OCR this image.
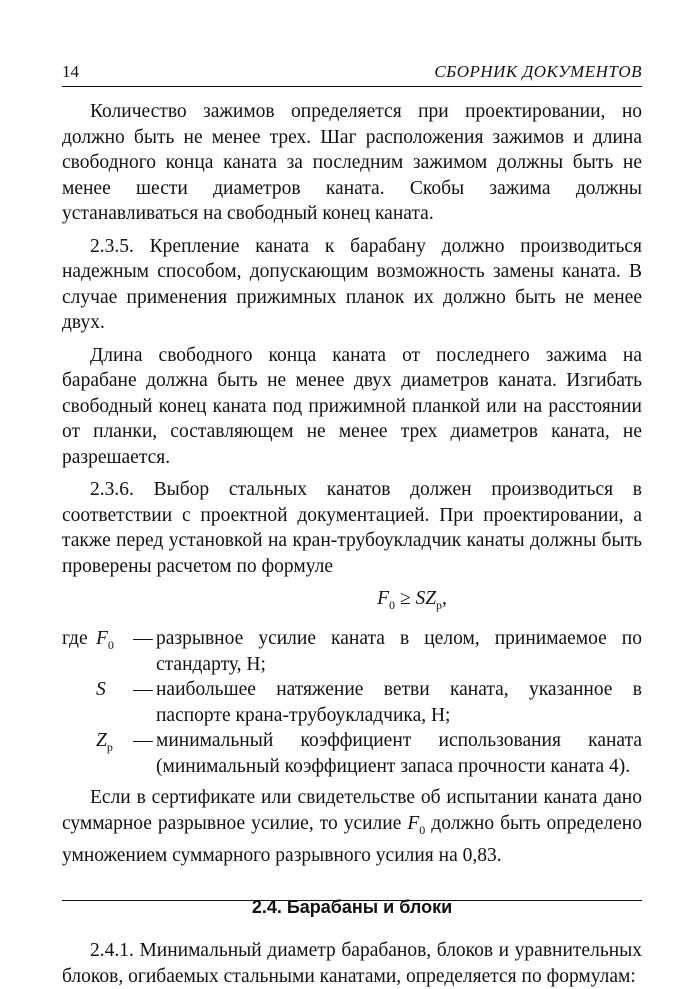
14	СБОРНИК ДОКУМЕНТОВ

Количество зажимов определяется при проектировании, но должно быть не менее трех. Шаг расположения зажимов и длина свободного конца каната за последним зажимом должны быть не менее шести диаметров каната. Скобы зажима должны устанавливаться на свободный конец каната.

2.3.5. Крепление каната к барабану должно производиться надежным способом, допускающим возможность замены каната. В случае применения прижимных планок их должно быть не менее двух.

Длина свободного конца каната от последнего зажима на барабане должна быть не менее двух диаметров каната. Изгибать свободный конец каната под прижимной планкой или на расстоянии от планки, составляющем не менее трех диаметров каната, не разрешается.

2.3.6. Выбор стальных канатов должен производиться в соответствии с проектной документацией. При проектировании, а также перед установкой на кран-трубоукладчик канаты должны быть проверены расчетом по формуле

$F_0 \ge SZ_p$,
где $F_0$ — разрывное усилие каната в целом, принимаемое по стандарту, Н;
S	— наибольшее натяжение ветви каната, указанное в паспорте крана-трубоукладчика, Н;
$Z_p$	— минимальный коэффициент использования каната (минимальный коэффициент запаса прочности каната 4).

Если в сертификате или свидетельстве об испытании каната дано суммарное разрывное усилие, то усилие $F_0$ должно быть определено умножением суммарного разрывного усилия на 0,83.

2.4. Барабаны и блоки

2.4.1. Минимальный диаметр барабанов, блоков и уравнительных блоков, огибаемых стальными канатами, определяется по формулам:
